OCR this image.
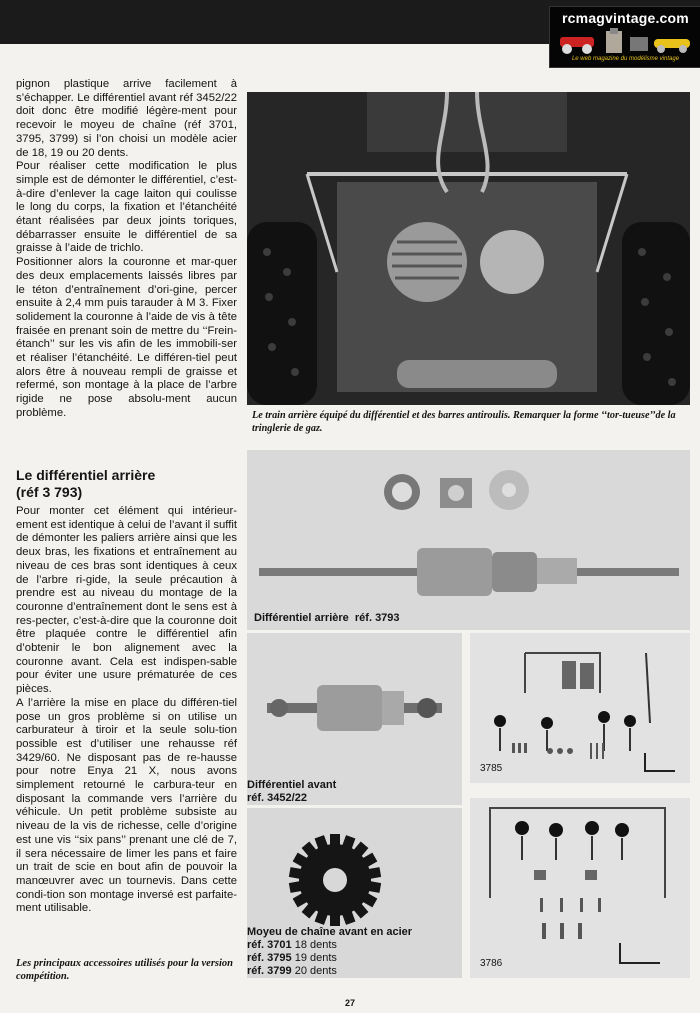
rcmagvintage.com
Le web magazine du modélisme vintage

pignon plastique arrive facilement à s’échapper. Le différentiel avant réf 3452/22 doit donc être modifié légère-ment pour recevoir le moyeu de chaîne (réf 3701, 3795, 3799) si l’on choisi un modèle acier de 18, 19 ou 20 dents.

Pour réaliser cette modification le plus simple est de démonter le différentiel, c’est-à-dire d’enlever la cage laiton qui coulisse le long du corps, la fixation et l’étanchéité étant réalisées par deux joints toriques, débarrasser ensuite le différentiel de sa graisse à l’aide de trichlo.

Positionner alors la couronne et mar-quer des deux emplacements laissés libres par le téton d’entraînement d’ori-gine, percer ensuite à 2,4 mm puis tarauder à M 3. Fixer solidement la couronne à l’aide de vis à tête fraisée en prenant soin de mettre du ‘‘Frein-étanch’’ sur les vis afin de les immobili-ser et réaliser l’étanchéité. Le différen-tiel peut alors être à nouveau rempli de graisse et refermé, son montage à la place de l’arbre rigide ne pose absolu-ment aucun problème.

Le différentiel arrière
(réf 3 793)

Pour monter cet élément qui intérieur-ement est identique à celui de l’avant il suffit de démonter les paliers arrière ainsi que les deux bras, les fixations et entraînement au niveau de ces bras sont identiques à ceux de l’arbre ri-gide, la seule précaution à prendre est au niveau du montage de la couronne d’entraînement dont le sens est à res-pecter, c’est-à-dire que la couronne doit être plaquée contre le différentiel afin d’obtenir le bon alignement avec la couronne avant. Cela est indispen-sable pour éviter une usure prématurée de ces pièces.

A l’arrière la mise en place du différen-tiel pose un gros problème si on utilise un carburateur à tiroir et la seule solu-tion possible est d’utiliser une rehausse réf 3429/60. Ne disposant pas de re-hausse pour notre Enya 21 X, nous avons simplement retourné le carbura-teur en disposant la commande vers l’arrière du véhicule. Un petit problème subsiste au niveau de la vis de richesse, celle d’origine est une vis ‘‘six pans’’ prenant une clé de 7, il sera nécessaire de limer les pans et faire un trait de scie en bout afin de pouvoir la manœuvrer avec un tournevis. Dans cette condi-tion son montage inversé est parfaite-ment utilisable.

Les principaux accessoires utilisés pour la version compétition.
Le train arrière équipé du différentiel et des barres antiroulis. Remarquer la forme ‘‘tor-tueuse’’de la tringlerie de gaz.
Différentiel arrière réf. 3793
Différentiel avant
réf. 3452/22
3785
Moyeu de chaîne avant en acier
réf. 3701 18 dents
réf. 3795 19 dents
réf. 3799 20 dents
3786
27
